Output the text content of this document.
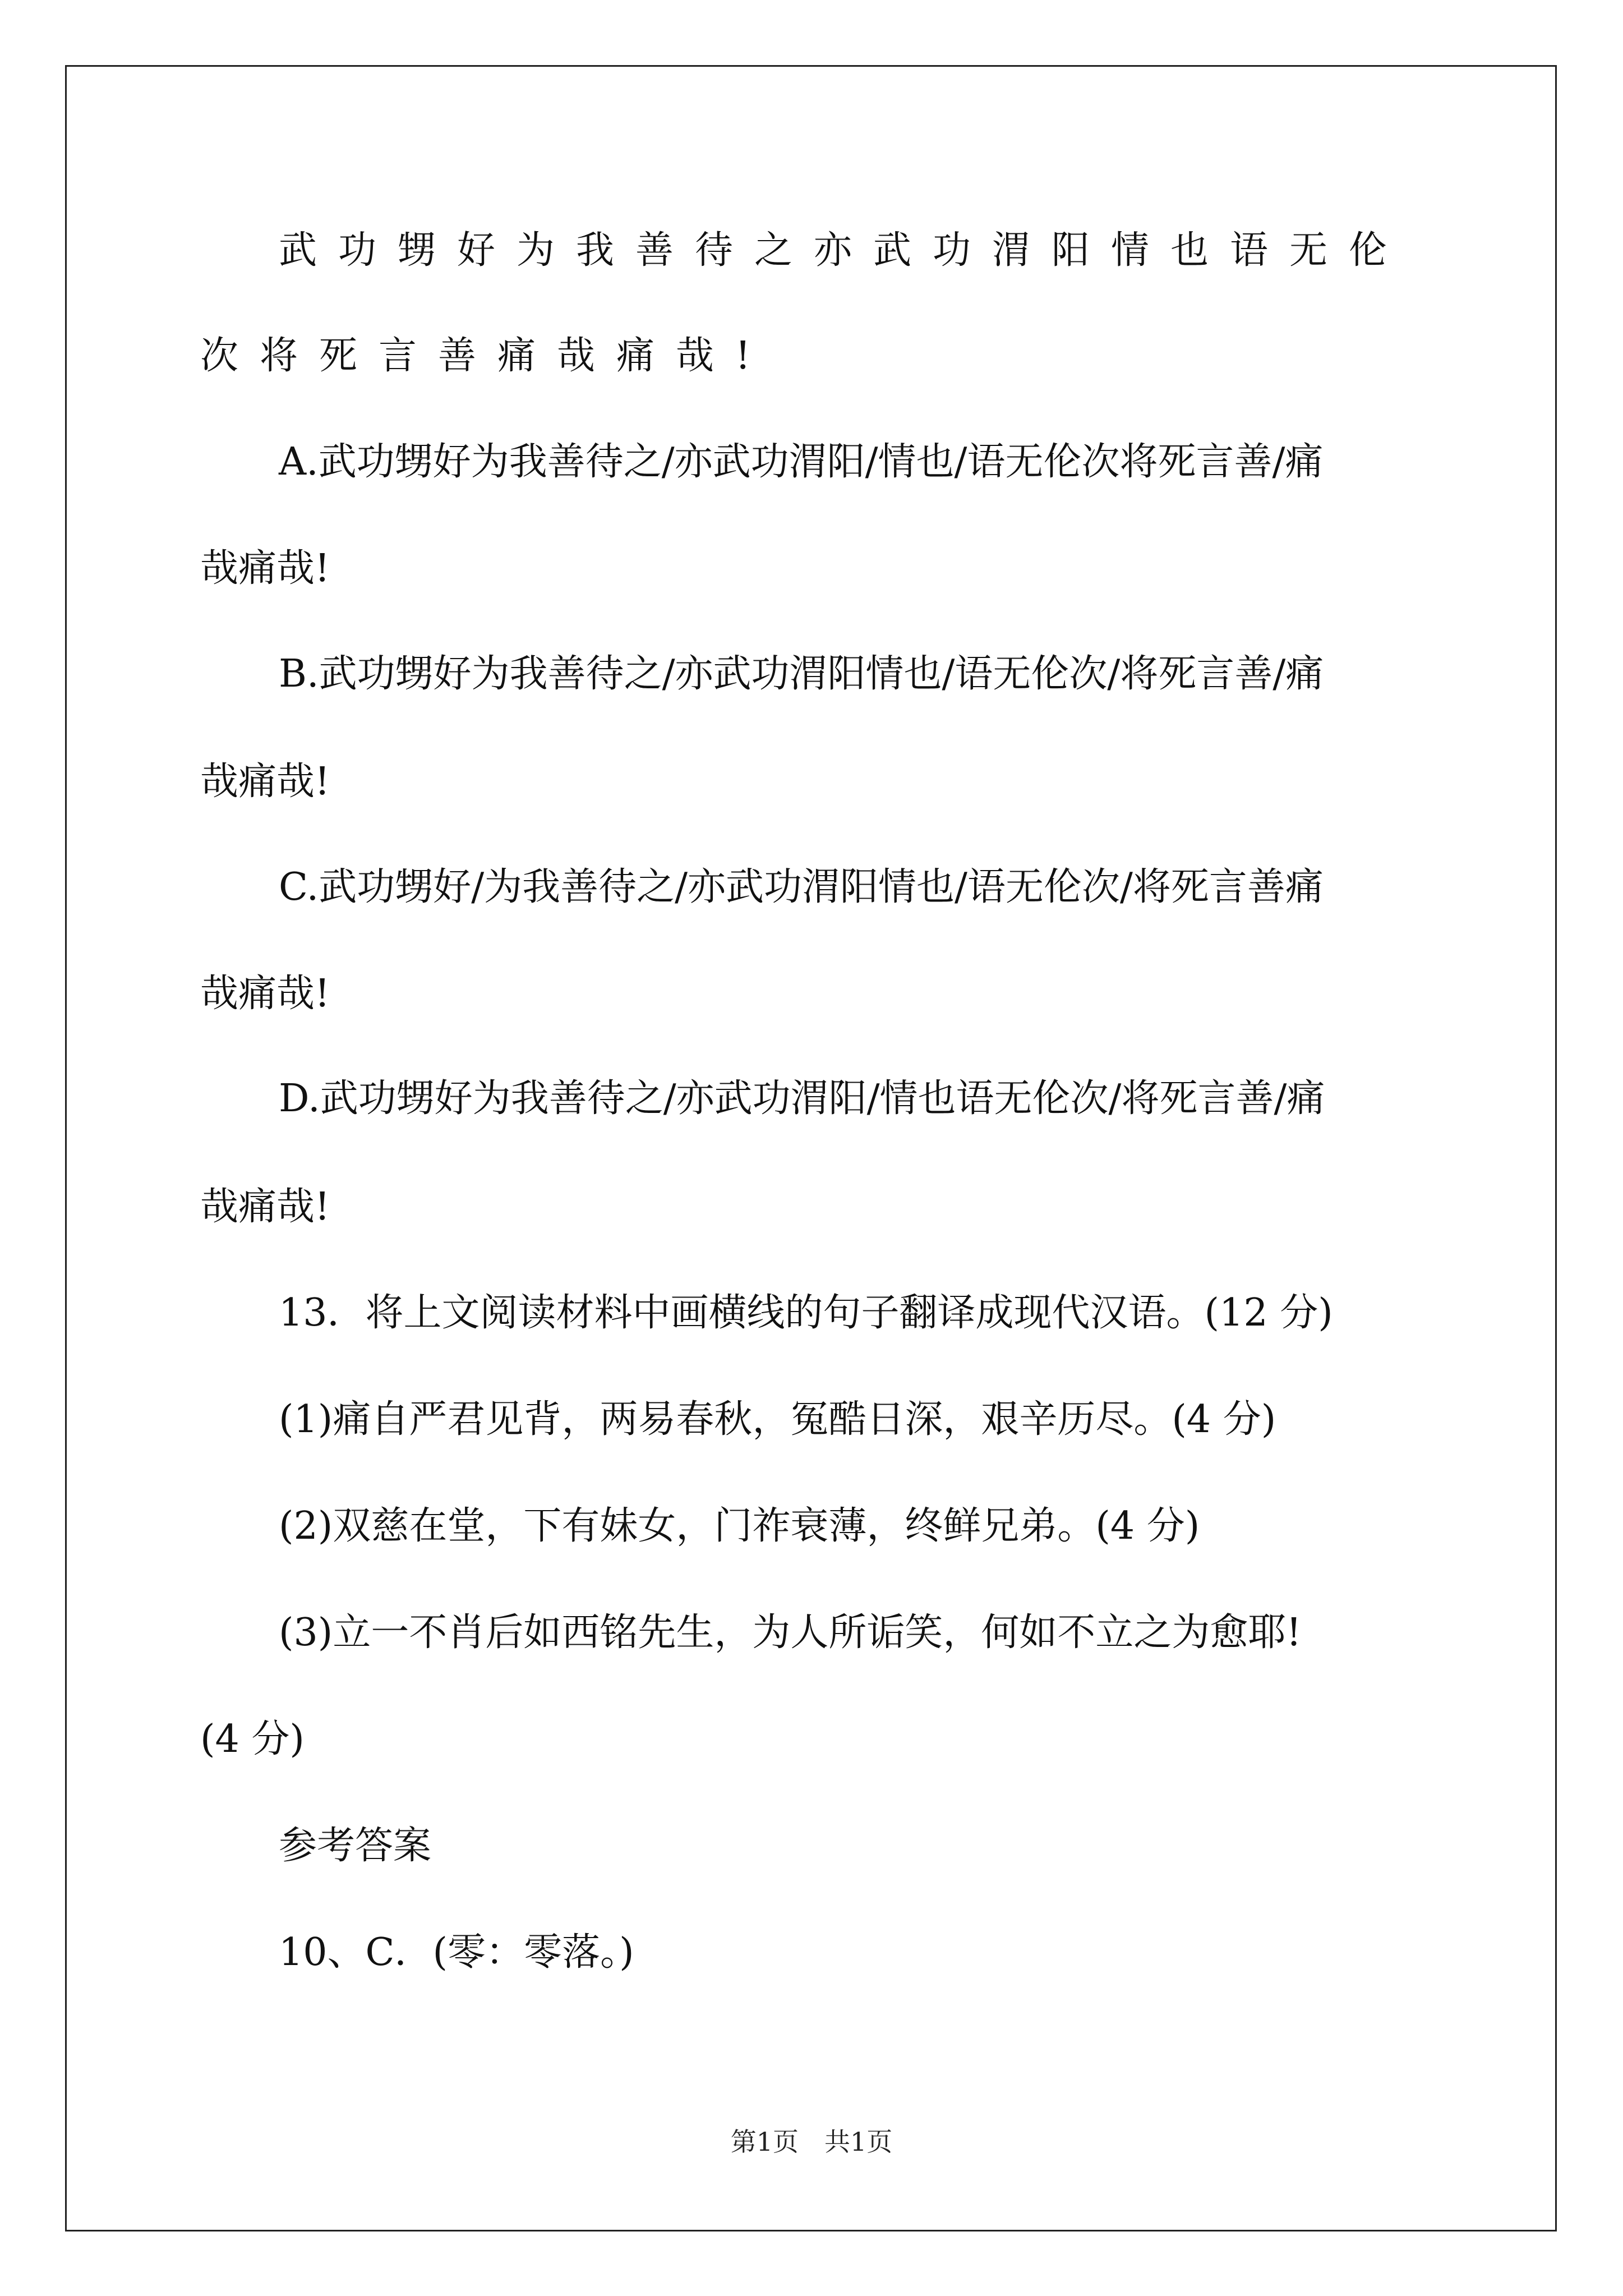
武功甥好为我善待之亦武功渭阳情也语无伦
次将死言善痛哉痛哉!
A.武功甥好为我善待之/亦武功渭阳/情也/语无伦次将死言善/痛
哉痛哉!
B.武功甥好为我善待之/亦武功渭阳情也/语无伦次/将死言善/痛
哉痛哉!
C.武功甥好/为我善待之/亦武功渭阳情也/语无伦次/将死言善痛
哉痛哉!
D.武功甥好为我善待之/亦武功渭阳/情也语无伦次/将死言善/痛
哉痛哉!
13．将上文阅读材料中画横线的句子翻译成现代汉语。(12 分)
(1)痛自严君见背，两易春秋，冤酷日深，艰辛历尽。(4 分)
(2)双慈在堂，下有妹女，门祚衰薄，终鲜兄弟。(4 分)
(3)立一不肖后如西铭先生，为人所诟笑，何如不立之为愈耶!
(4 分)
参考答案
10、C．(零：零落。)
第1页　共1页
